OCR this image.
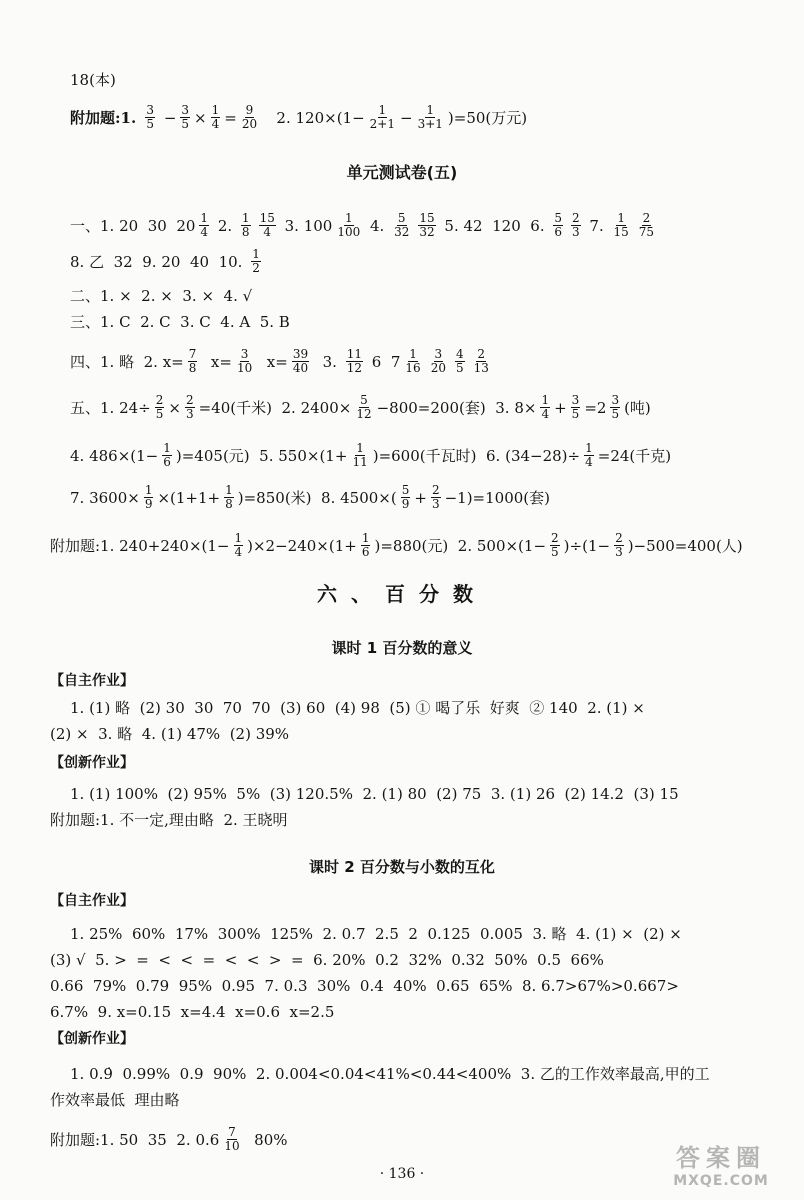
18(本)
附加题:1. $\frac{3}{5} - \frac{3}{5} \times \frac{1}{4} = \frac{9}{20} 2$. $120\times(1- \frac{1}{2+1} - \frac{1}{3+1} )=50$(万元)
单元测试卷(五)
一、1. 20  30  $20 \frac{1}{4} 2$. $\frac{1}{8} \frac{15}{4} 3$. $100 \frac{1}{100} 4$. $\frac{5}{32} \frac{15}{32} 5$. 42  120  6. $\frac{5}{6} \frac{2}{3} 7$. $\frac{1}{15} \frac{2}{75}$
8. 乙  32  9. 20  40  10. $\frac{1}{2}$
二、1. ×  2. ×  3. ×  4. √
三、1. C  2. C  3. C  4. A  5. B
四、1. 略  2. $x= \frac{7}{8} x= \frac{3}{10} x= \frac{39}{40} 3$. $\frac{11}{12} 6$  $7 \frac{1}{16} \frac{3}{20} \frac{4}{5} \frac{2}{13}$
五、1. $24\div \frac{2}{5} \times \frac{2}{3} =40$(千米)  2. $2400\times \frac{5}{12} -800=200$(套)  3. $8\times \frac{1}{4} + \frac{3}{5} =2 \frac{3}{5}$ (吨)
4. $486\times(1- \frac{1}{6} )=405$(元)  5. $550\times(1+ \frac{1}{11} )=600$(千瓦时)  6. $(34-28)\div \frac{1}{4} =24$(千克)
7. $3600\times \frac{1}{9} \times(1+1+ \frac{1}{8} )=850$(米)  8. $4500\times( \frac{5}{9} + \frac{2}{3} -1)=1000$(套)
附加题:1. $240+240\times(1- \frac{1}{4} )\times 2-240\times(1+ \frac{1}{6} )=880$(元)  2. $500\times(1- \frac{2}{5} )\div(1- \frac{2}{3} )-500=400$(人)
六、百分数
课时 1 百分数的意义
【自主作业】
1. (1) 略  (2) 30  30  70  70  (3) 60  (4) 98  (5) ① 喝了乐  好爽  ② 140  2. (1) ×
(2) ×  3. 略  4. (1) 47%  (2) 39%
【创新作业】
1. (1) 100%  (2) 95%  5%  (3) 120.5%  2. (1) 80  (2) 75  3. (1) 26  (2) 14.2  (3) 15
附加题:1. 不一定,理由略  2. 王晓明
课时 2 百分数与小数的互化
【自主作业】
1. 25%  60%  17%  300%  125%  2. 0.7  2.5  2  0.125  0.005  3. 略  4. (1) ×  (2) ×
(3) √  5. >  =  <  <  =  <  <  >  =  6. 20%  0.2  32%  0.32  50%  0.5  66%
0.66  79%  0.79  95%  0.95  7. 0.3  30%  0.4  40%  0.65  65%  8. 6.7>67%>0.667>
6.7%  9. x=0.15  x=4.4  x=0.6  x=2.5
【创新作业】
1. 0.9̇  0.99%  0.9  90%  2. 0.004<0.04<41%<0.44<400%  3. 乙的工作效率最高,甲的工
作效率最低  理由略
附加题:1. 50  35  2. $0.6 \frac{7}{10} 80\%$
· 136 ·
答案圈
MXQE.COM
